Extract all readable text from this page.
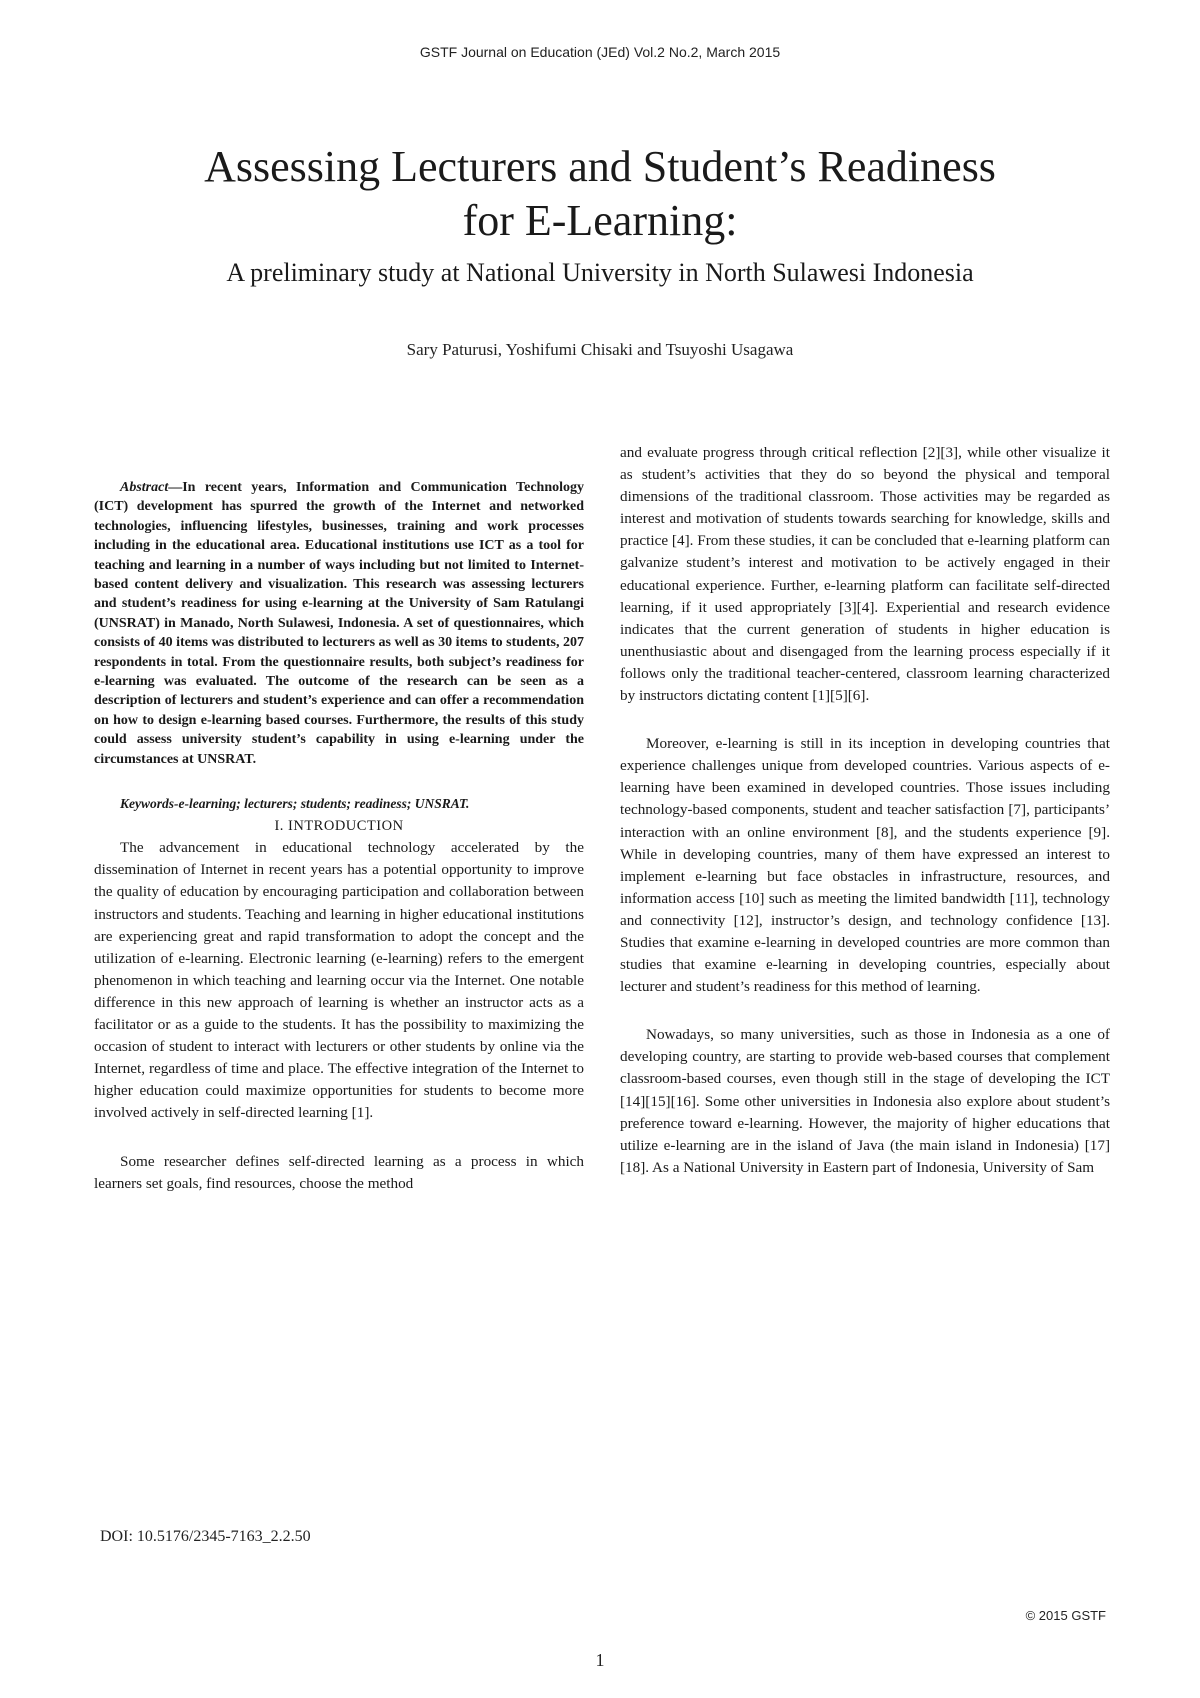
GSTF Journal on Education (JEd) Vol.2 No.2, March 2015
Assessing Lecturers and Student’s Readiness
for E-Learning:
A preliminary study at National University in North Sulawesi Indonesia
Sary Paturusi, Yoshifumi Chisaki and Tsuyoshi Usagawa

Abstract—In recent years, Information and Communication Technology (ICT) development has spurred the growth of the Internet and networked technologies, influencing lifestyles, businesses, training and work processes including in the educational area. Educational institutions use ICT as a tool for teaching and learning in a number of ways including but not limited to Internet-based content delivery and visualization. This research was assessing lecturers and student’s readiness for using e-learning at the University of Sam Ratulangi (UNSRAT) in Manado, North Sulawesi, Indonesia. A set of questionnaires, which consists of 40 items was distributed to lecturers as well as 30 items to students, 207 respondents in total. From the questionnaire results, both subject’s readiness for e-learning was evaluated. The outcome of the research can be seen as a description of lecturers and student’s experience and can offer a recommendation on how to design e-learning based courses. Furthermore, the results of this study could assess university student’s capability in using e-learning under the circumstances at UNSRAT.

Keywords-e-learning; lecturers; students; readiness; UNSRAT.

I. INTRODUCTION

The advancement in educational technology accelerated by the dissemination of Internet in recent years has a potential opportunity to improve the quality of education by encouraging participation and collaboration between instructors and students. Teaching and learning in higher educational institutions are experiencing great and rapid transformation to adopt the concept and the utilization of e-learning. Electronic learning (e-learning) refers to the emergent phenomenon in which teaching and learning occur via the Internet. One notable difference in this new approach of learning is whether an instructor acts as a facilitator or as a guide to the students. It has the possibility to maximizing the occasion of student to interact with lecturers or other students by online via the Internet, regardless of time and place. The effective integration of the Internet to higher education could maximize opportunities for students to become more involved actively in self-directed learning [1].

Some researcher defines self-directed learning as a process in which learners set goals, find resources, choose the method

and evaluate progress through critical reflection [2][3], while other visualize it as student’s activities that they do so beyond the physical and temporal dimensions of the traditional classroom. Those activities may be regarded as interest and motivation of students towards searching for knowledge, skills and practice [4]. From these studies, it can be concluded that e-learning platform can galvanize student’s interest and motivation to be actively engaged in their educational experience. Further, e-learning platform can facilitate self-directed learning, if it used appropriately [3][4]. Experiential and research evidence indicates that the current generation of students in higher education is unenthusiastic about and disengaged from the learning process especially if it follows only the traditional teacher-centered, classroom learning characterized by instructors dictating content [1][5][6].

Moreover, e-learning is still in its inception in developing countries that experience challenges unique from developed countries. Various aspects of e-learning have been examined in developed countries. Those issues including technology-based components, student and teacher satisfaction [7], participants’ interaction with an online environment [8], and the students experience [9]. While in developing countries, many of them have expressed an interest to implement e-learning but face obstacles in infrastructure, resources, and information access [10] such as meeting the limited bandwidth [11], technology and connectivity [12], instructor’s design, and technology confidence [13]. Studies that examine e-learning in developed countries are more common than studies that examine e-learning in developing countries, especially about lecturer and student’s readiness for this method of learning.

Nowadays, so many universities, such as those in Indonesia as a one of developing country, are starting to provide web-based courses that complement classroom-based courses, even though still in the stage of developing the ICT [14][15][16]. Some other universities in Indonesia also explore about student’s preference toward e-learning. However, the majority of higher educations that utilize e-learning are in the island of Java (the main island in Indonesia) [17][18]. As a National University in Eastern part of Indonesia, University of Sam

DOI: 10.5176/2345-7163_2.2.50
© 2015 GSTF
1
